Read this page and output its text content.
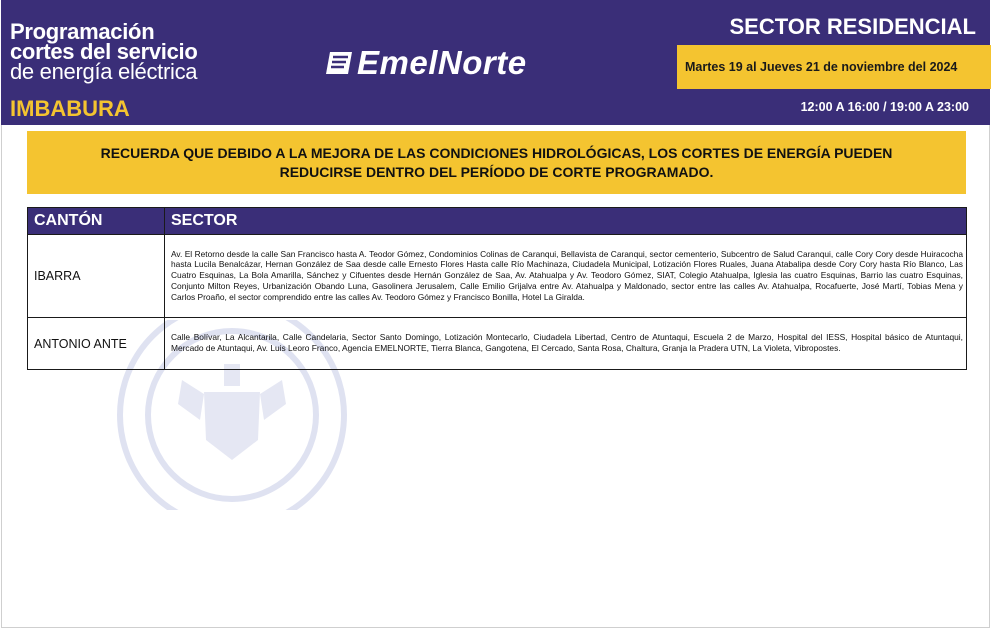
Programación
cortes del servicio
de energía eléctrica
IMBABURA
EmelNorte
SECTOR RESIDENCIAL
Martes 19 al Jueves 21 de noviembre del 2024
12:00 A 16:00 / 19:00 A 23:00
RECUERDA QUE DEBIDO A LA MEJORA DE LAS CONDICIONES HIDROLÓGICAS, LOS CORTES DE ENERGÍA PUEDEN REDUCIRSE DENTRO DEL PERÍODO DE CORTE PROGRAMADO.
CANTÓN	SECTOR
IBARRA	Av. El Retorno desde la calle San Francisco hasta A. Teodor Gómez, Condominios Colinas de Caranqui, Bellavista de Caranqui, sector cementerio, Subcentro de Salud Caranqui, calle Cory Cory desde Huiracocha hasta Lucila Benalcázar, Hernan González de Saa desde calle Ernesto Flores Hasta calle Río Machinaza, Ciudadela Municipal, Lotización Flores Ruales, Juana Atabalipa desde Cory Cory hasta Río Blanco, Las Cuatro Esquinas, La Bola Amarilla, Sánchez y Cifuentes desde Hernán González de Saa, Av. Atahualpa y Av. Teodoro Gómez, SIAT, Colegio Atahualpa, Iglesia las cuatro Esquinas, Barrio las cuatro Esquinas, Conjunto Milton Reyes, Urbanización Obando Luna, Gasolinera Jerusalem, Calle Emilio Grijalva entre Av. Atahualpa y Maldonado, sector entre las calles Av. Atahualpa, Rocafuerte, José Martí, Tobias Mena y Carlos Proaño, el sector comprendido entre las calles Av. Teodoro Gómez y Francisco Bonilla, Hotel La Giralda.
ANTONIO ANTE	Calle Bolívar, La Alcantarila, Calle Candelaria, Sector Santo Domingo, Lotización Montecarlo, Ciudadela Libertad, Centro de Atuntaqui, Escuela 2 de Marzo, Hospital del IESS, Hospital básico de Atuntaqui, Mercado de Atuntaqui, Av. Luis Leoro Franco, Agencia EMELNORTE, Tierra Blanca, Gangotena, El Cercado, Santa Rosa, Chaltura, Granja la Pradera UTN, La Violeta, Vibropostes.
